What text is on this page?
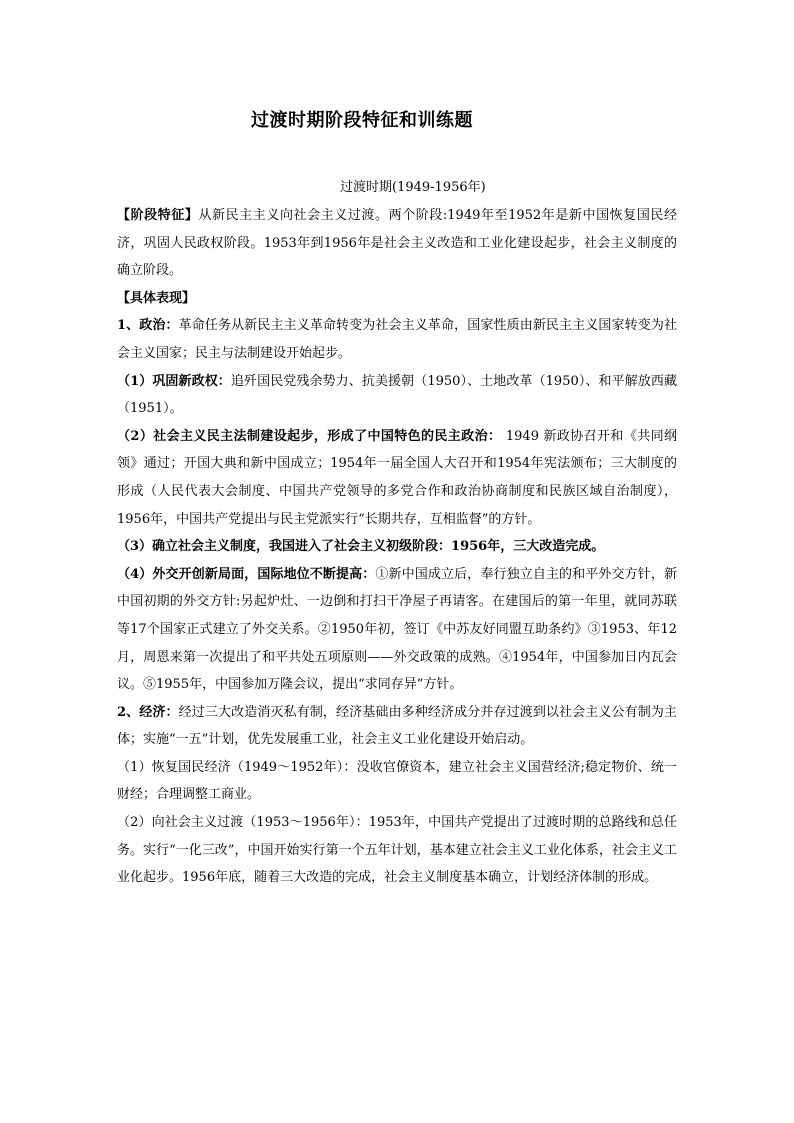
过渡时期阶段特征和训练题
过渡时期(1949-1956年)

【阶段特征】从新民主主义向社会主义过渡。两个阶段:1949年至1952年是新中国恢复国民经济，巩固人民政权阶段。1953年到1956年是社会主义改造和工业化建设起步，社会主义制度的确立阶段。

【具体表现】

1、政治：革命任务从新民主主义革命转变为社会主义革命，国家性质由新民主主义国家转变为社会主义国家；民主与法制建设开始起步。

（1）巩固新政权：追歼国民党残余势力、抗美援朝（1950）、土地改革（1950）、和平解放西藏（1951）。

（2）社会主义民主法制建设起步，形成了中国特色的民主政治： 1949 新政协召开和《共同纲领》通过；开国大典和新中国成立；1954年一届全国人大召开和1954年宪法颁布；三大制度的形成（人民代表大会制度、中国共产党领导的多党合作和政治协商制度和民族区域自治制度），1956年，中国共产党提出与民主党派实行“长期共存，互相监督”的方针。

（3）确立社会主义制度，我国进入了社会主义初级阶段：1956年，三大改造完成。

（4）外交开创新局面，国际地位不断提高：①新中国成立后，奉行独立自主的和平外交方针，新中国初期的外交方针:另起炉灶、一边倒和打扫干净屋子再请客。在建国后的第一年里，就同苏联等17个国家正式建立了外交关系。②1950年初，签订《中苏友好同盟互助条约》③1953、年12月，周恩来第一次提出了和平共处五项原则——外交政策的成熟。④1954年，中国参加日内瓦会议。⑤1955年，中国参加万隆会议，提出“求同存异”方针。

2、经济：经过三大改造消灭私有制，经济基础由多种经济成分并存过渡到以社会主义公有制为主体；实施“一五”计划，优先发展重工业，社会主义工业化建设开始启动。

（1）恢复国民经济（1949～1952年）：没收官僚资本，建立社会主义国营经济;稳定物价、统一财经；合理调整工商业。

（2）向社会主义过渡（1953～1956年）：1953年，中国共产党提出了过渡时期的总路线和总任务。实行“一化三改”，中国开始实行第一个五年计划，基本建立社会主义工业化体系，社会主义工业化起步。1956年底，随着三大改造的完成，社会主义制度基本确立，计划经济体制的形成。
